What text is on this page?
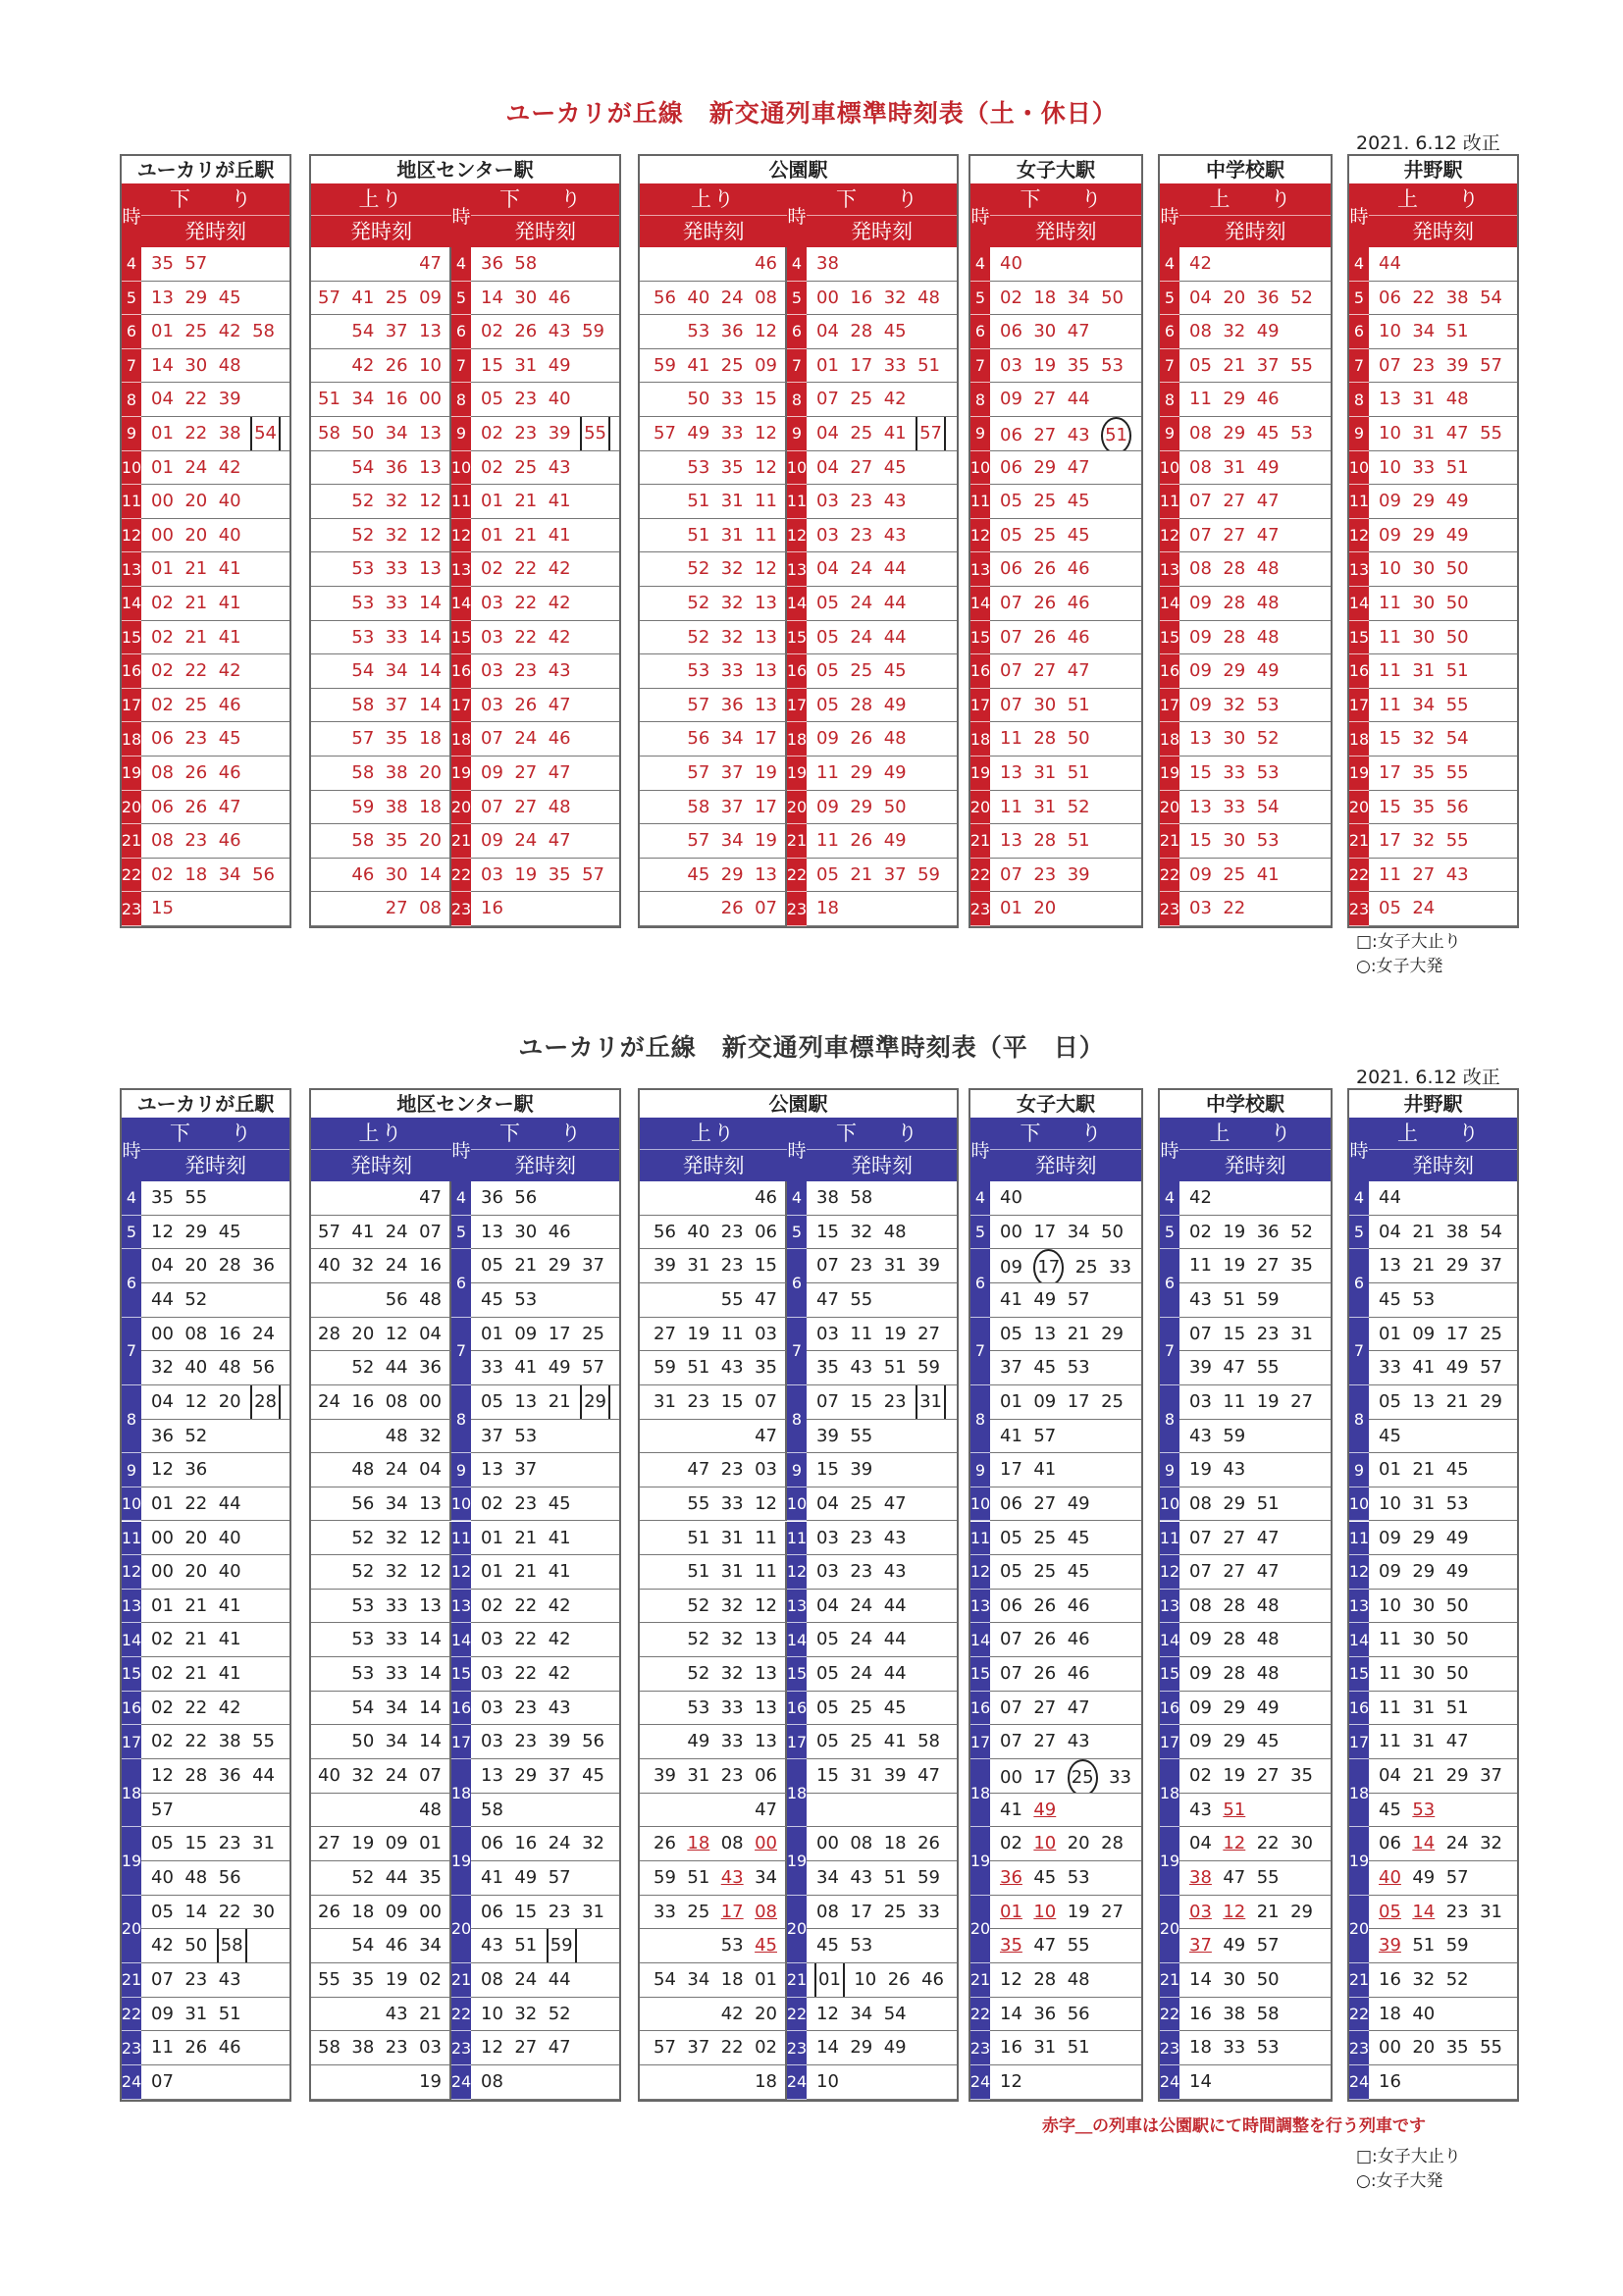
ユーカリが丘線　新交通列車標準時刻表（土・休日）
2021. 6.12 改正
ユーカリが丘駅
時
4
5
6
7
8
9
10
11
12
13
14
15
16
17
18
19
20
21
22
23
下　り
発時刻
35 57
13 29 45
01 25 42 58
14 30 48
04 22 39
01 22 38 54
01 24 42
00 20 40
00 20 40
01 21 41
02 21 41
02 21 41
02 22 42
02 25 46
06 23 45
08 26 46
06 26 47
08 23 46
02 18 34 56
15
地区センター駅
上り
発時刻
47
57 41 25 09
54 37 13
42 26 10
51 34 16 00
58 50 34 13
54 36 13
52 32 12
52 32 12
53 33 13
53 33 14
53 33 14
54 34 14
58 37 14
57 35 18
58 38 20
59 38 18
58 35 20
46 30 14
27 08
時
4
5
6
7
8
9
10
11
12
13
14
15
16
17
18
19
20
21
22
23
下　り
発時刻
36 58
14 30 46
02 26 43 59
15 31 49
05 23 40
02 23 39 55
02 25 43
01 21 41
01 21 41
02 22 42
03 22 42
03 22 42
03 23 43
03 26 47
07 24 46
09 27 47
07 27 48
09 24 47
03 19 35 57
16
公園駅
上り
発時刻
46
56 40 24 08
53 36 12
59 41 25 09
50 33 15
57 49 33 12
53 35 12
51 31 11
51 31 11
52 32 12
52 32 13
52 32 13
53 33 13
57 36 13
56 34 17
57 37 19
58 37 17
57 34 19
45 29 13
26 07
時
4
5
6
7
8
9
10
11
12
13
14
15
16
17
18
19
20
21
22
23
下　り
発時刻
38
00 16 32 48
04 28 45
01 17 33 51
07 25 42
04 25 41 57
04 27 45
03 23 43
03 23 43
04 24 44
05 24 44
05 24 44
05 25 45
05 28 49
09 26 48
11 29 49
09 29 50
11 26 49
05 21 37 59
18
女子大駅
時
4
5
6
7
8
9
10
11
12
13
14
15
16
17
18
19
20
21
22
23
下　り
発時刻
40
02 18 34 50
06 30 47
03 19 35 53
09 27 44
06 27 43 51
06 29 47
05 25 45
05 25 45
06 26 46
07 26 46
07 26 46
07 27 47
07 30 51
11 28 50
13 31 51
11 31 52
13 28 51
07 23 39
01 20
中学校駅
時
4
5
6
7
8
9
10
11
12
13
14
15
16
17
18
19
20
21
22
23
上　り
発時刻
42
04 20 36 52
08 32 49
05 21 37 55
11 29 46
08 29 45 53
08 31 49
07 27 47
07 27 47
08 28 48
09 28 48
09 28 48
09 29 49
09 32 53
13 30 52
15 33 53
13 33 54
15 30 53
09 25 41
03 22
井野駅
時
4
5
6
7
8
9
10
11
12
13
14
15
16
17
18
19
20
21
22
23
上　り
発時刻
44
06 22 38 54
10 34 51
07 23 39 57
13 31 48
10 31 47 55
10 33 51
09 29 49
09 29 49
10 30 50
11 30 50
11 30 50
11 31 51
11 34 55
15 32 54
17 35 55
15 35 56
17 32 55
11 27 43
05 24
□:女子大止り
○:女子大発
ユーカリが丘線　新交通列車標準時刻表（平　日）
2021. 6.12 改正
ユーカリが丘駅
時
4
5
6
7
8
9
10
11
12
13
14
15
16
17
18
19
20
21
22
23
24
下　り
発時刻
35 55
12 29 45
04 20 28 36
44 52
00 08 16 24
32 40 48 56
04 12 20 28
36 52
12 36
01 22 44
00 20 40
00 20 40
01 21 41
02 21 41
02 21 41
02 22 42
02 22 38 55
12 28 36 44
57
05 15 23 31
40 48 56
05 14 22 30
42 50 58
07 23 43
09 31 51
11 26 46
07
地区センター駅
上り
発時刻
47
57 41 24 07
40 32 24 16
56 48
28 20 12 04
52 44 36
24 16 08 00
48 32
48 24 04
56 34 13
52 32 12
52 32 12
53 33 13
53 33 14
53 33 14
54 34 14
50 34 14
40 32 24 07
48
27 19 09 01
52 44 35
26 18 09 00
54 46 34
55 35 19 02
43 21
58 38 23 03
19
時
4
5
6
7
8
9
10
11
12
13
14
15
16
17
18
19
20
21
22
23
24
下　り
発時刻
36 56
13 30 46
05 21 29 37
45 53
01 09 17 25
33 41 49 57
05 13 21 29
37 53
13 37
02 23 45
01 21 41
01 21 41
02 22 42
03 22 42
03 22 42
03 23 43
03 23 39 56
13 29 37 45
58
06 16 24 32
41 49 57
06 15 23 31
43 51 59
08 24 44
10 32 52
12 27 47
08
公園駅
上り
発時刻
46
56 40 23 06
39 31 23 15
55 47
27 19 11 03
59 51 43 35
31 23 15 07
47
47 23 03
55 33 12
51 31 11
51 31 11
52 32 12
52 32 13
52 32 13
53 33 13
49 33 13
39 31 23 06
47
26 18 08 00
59 51 43 34
33 25 17 08
53 45
54 34 18 01
42 20
57 37 22 02
18
時
4
5
6
7
8
9
10
11
12
13
14
15
16
17
18
19
20
21
22
23
24
下　り
発時刻
38 58
15 32 48
07 23 31 39
47 55
03 11 19 27
35 43 51 59
07 15 23 31
39 55
15 39
04 25 47
03 23 43
03 23 43
04 24 44
05 24 44
05 24 44
05 25 45
05 25 41 58
15 31 39 47
00 08 18 26
34 43 51 59
08 17 25 33
45 53
01 10 26 46
12 34 54
14 29 49
10
女子大駅
時
4
5
6
7
8
9
10
11
12
13
14
15
16
17
18
19
20
21
22
23
24
下　り
発時刻
40
00 17 34 50
09 17 25 33
41 49 57
05 13 21 29
37 45 53
01 09 17 25
41 57
17 41
06 27 49
05 25 45
05 25 45
06 26 46
07 26 46
07 26 46
07 27 47
07 27 43
00 17 25 33
41 49
02 10 20 28
36 45 53
01 10 19 27
35 47 55
12 28 48
14 36 56
16 31 51
12
中学校駅
時
4
5
6
7
8
9
10
11
12
13
14
15
16
17
18
19
20
21
22
23
24
上　り
発時刻
42
02 19 36 52
11 19 27 35
43 51 59
07 15 23 31
39 47 55
03 11 19 27
43 59
19 43
08 29 51
07 27 47
07 27 47
08 28 48
09 28 48
09 28 48
09 29 49
09 29 45
02 19 27 35
43 51
04 12 22 30
38 47 55
03 12 21 29
37 49 57
14 30 50
16 38 58
18 33 53
14
井野駅
時
4
5
6
7
8
9
10
11
12
13
14
15
16
17
18
19
20
21
22
23
24
上　り
発時刻
44
04 21 38 54
13 21 29 37
45 53
01 09 17 25
33 41 49 57
05 13 21 29
45
01 21 45
10 31 53
09 29 49
09 29 49
10 30 50
11 30 50
11 30 50
11 31 51
11 31 47
04 21 29 37
45 53
06 14 24 32
40 49 57
05 14 23 31
39 51 59
16 32 52
18 40
00 20 35 55
16
赤字＿の列車は公園駅にて時間調整を行う列車です
□:女子大止り
○:女子大発
